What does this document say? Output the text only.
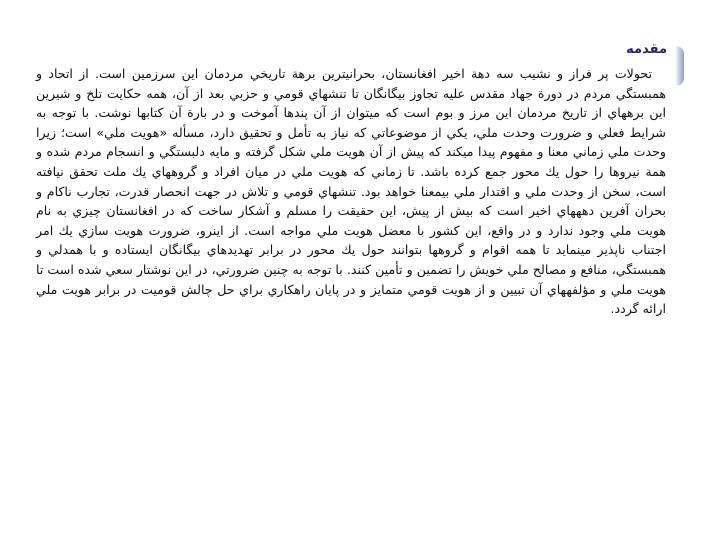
مقدمه

تحولات پر فراز و نشيب سه دهة اخير افغانستان، بحرانيترين برهة تاريخي مردمان اين سرزمين است. از اتحاد و همبستگي مردم در دورة جهاد مقدس عليه تجاوز بيگانگان تا تنشهاي قومي و حزبي بعد از آن، همه حكايت تلخ و شيرين اين برههاي از تاريخ مردمان اين مرز و بوم است كه ميتوان از آن پندها آموخت و در بارة آن كتابها نوشت. با توجه به شرايط فعلي و ضرورت وحدت ملي، يكي از موضوعاتي كه نياز به تأمل و تحقيق دارد، مسأله «هويت ملي» است؛ زيرا وحدت ملي زماني معنا و مفهوم پيدا ميكند كه پيش از آن هويت ملي شكل گرفته و مايه دلبستگي و انسجام مردم شده و همة نيروها را حول يك محور جمع كرده باشد. تا زماني كه هويت ملي در ميان افراد و گروههاي يك ملت تحقق نيافته است، سخن از وحدت ملي و اقتدار ملي بيمعنا خواهد بود. تنشهاي قومي و تلاش در جهت انحصار قدرت، تجارب ناكام و بحران آفرين دهههاي اخير است كه بيش از پيش، اين حقيقت را مسلم و آشكار ساخت كه در افغانستان چيزي به نام هويت ملي وجود ندارد و در واقع، اين كشور با معضل هويت ملي مواجه است. از اينرو، ضرورت هويت سازي يك امر اجتناب ناپذير مينمايد تا همه اقوام و گروهها بتوانند حول يك محور در برابر تهديدهاي بيگانگان ايستاده و با همدلي و همبستگي، منافع و مصالح ملي خويش را تضمين و تأمين كنند. با توجه به چنين ضرورتي، در اين نوشتار سعي شده است تا هويت ملي و مؤلفههاي آن تبيين و از هويت قومي متمايز و در پايان راهكاري براي حل چالش قوميت در برابر هويت ملي ارائه گردد.
